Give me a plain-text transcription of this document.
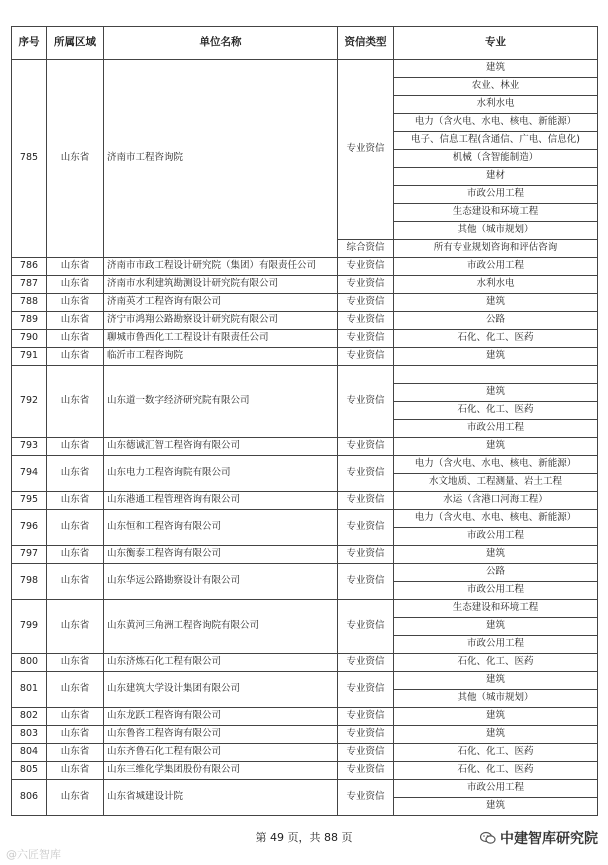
序号	所属区域	单位名称	资信类型	专业
785	山东省	济南市工程咨询院	专业资信	建筑
				农业、林业
				水利水电
				电力（含火电、水电、核电、新能源）
				电子、信息工程(含通信、广电、信息化)
				机械（含智能制造）
				建材
				市政公用工程
				生态建设和环境工程
				其他（城市规划）
			综合资信	所有专业规划咨询和评估咨询
786	山东省	济南市市政工程设计研究院（集团）有限责任公司	专业资信	市政公用工程
787	山东省	济南市水利建筑勘测设计研究院有限公司	专业资信	水利水电
788	山东省	济南英才工程咨询有限公司	专业资信	建筑
789	山东省	济宁市鸿翔公路勘察设计研究院有限公司	专业资信	公路
790	山东省	聊城市鲁西化工工程设计有限责任公司	专业资信	石化、化工、医药
791	山东省	临沂市工程咨询院	专业资信	建筑
792	山东省	山东道一数字经济研究院有限公司	专业资信	
				建筑
				石化、化工、医药
				市政公用工程
793	山东省	山东德诚汇智工程咨询有限公司	专业资信	建筑
794	山东省	山东电力工程咨询院有限公司	专业资信	电力（含火电、水电、核电、新能源）
				水文地质、工程测量、岩土工程
795	山东省	山东港通工程管理咨询有限公司	专业资信	水运（含港口河海工程）
796	山东省	山东恒和工程咨询有限公司	专业资信	电力（含火电、水电、核电、新能源）
				市政公用工程
797	山东省	山东衡泰工程咨询有限公司	专业资信	建筑
798	山东省	山东华远公路勘察设计有限公司	专业资信	公路
				市政公用工程
799	山东省	山东黄河三角洲工程咨询院有限公司	专业资信	生态建设和环境工程
				建筑
				市政公用工程
800	山东省	山东济炼石化工程有限公司	专业资信	石化、化工、医药
801	山东省	山东建筑大学设计集团有限公司	专业资信	建筑
				其他（城市规划）
802	山东省	山东龙跃工程咨询有限公司	专业资信	建筑
803	山东省	山东鲁咨工程咨询有限公司	专业资信	建筑
804	山东省	山东齐鲁石化工程有限公司	专业资信	石化、化工、医药
805	山东省	山东三维化学集团股份有限公司	专业资信	石化、化工、医药
806	山东省	山东省城建设计院	专业资信	市政公用工程
				建筑
第 49 页，共 88 页
@六匠智库
中建智库研究院
